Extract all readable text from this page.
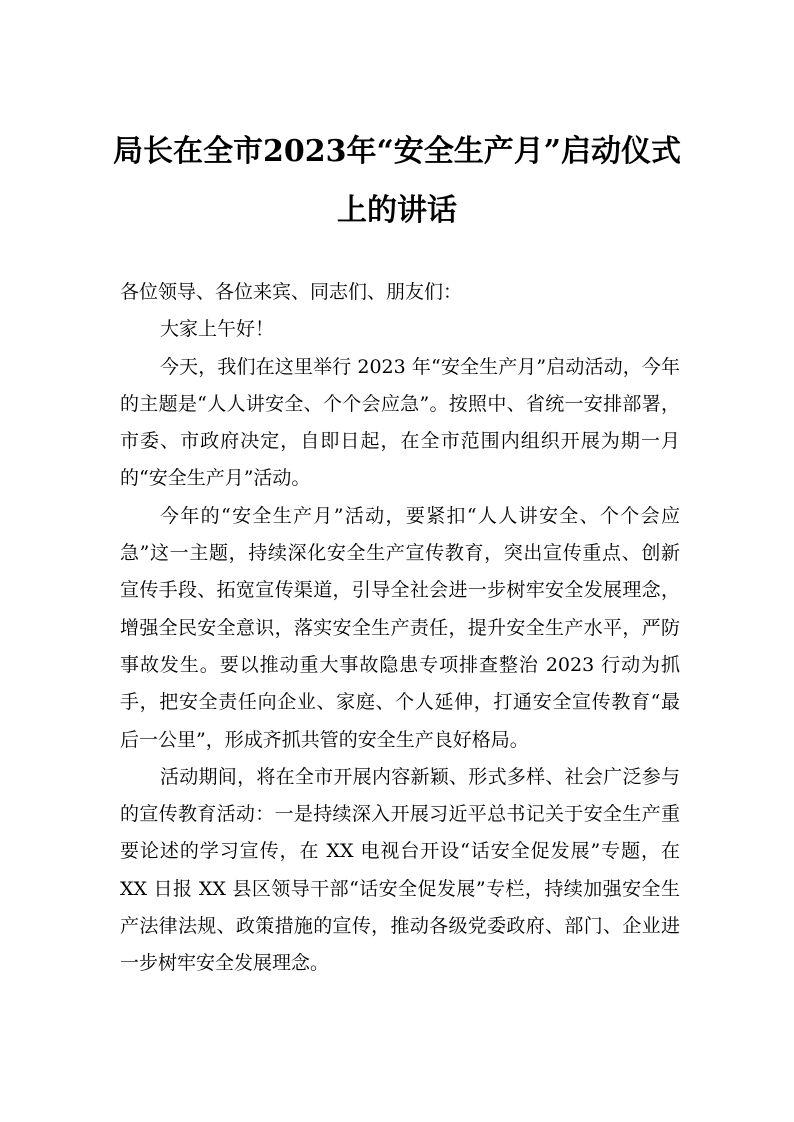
局长在全市2023年“安全生产月”启动仪式
上的讲话

各位领导、各位来宾、同志们、朋友们：

大家上午好！

今天，我们在这里举行 2023 年“安全生产月”启动活动，今年的主题是“人人讲安全、个个会应急”。按照中、省统一安排部署，市委、市政府决定，自即日起，在全市范围内组织开展为期一月的“安全生产月”活动。

今年的“安全生产月”活动，要紧扣“人人讲安全、个个会应急”这一主题，持续深化安全生产宣传教育，突出宣传重点、创新宣传手段、拓宽宣传渠道，引导全社会进一步树牢安全发展理念，增强全民安全意识，落实安全生产责任，提升安全生产水平，严防事故发生。要以推动重大事故隐患专项排查整治 2023 行动为抓手，把安全责任向企业、家庭、个人延伸，打通安全宣传教育“最后一公里”，形成齐抓共管的安全生产良好格局。

活动期间，将在全市开展内容新颖、形式多样、社会广泛参与的宣传教育活动：一是持续深入开展习近平总书记关于安全生产重要论述的学习宣传，在 XX 电视台开设“话安全促发展”专题，在 XX 日报 XX 县区领导干部“话安全促发展”专栏，持续加强安全生产法律法规、政策措施的宣传，推动各级党委政府、部门、企业进一步树牢安全发展理念。
